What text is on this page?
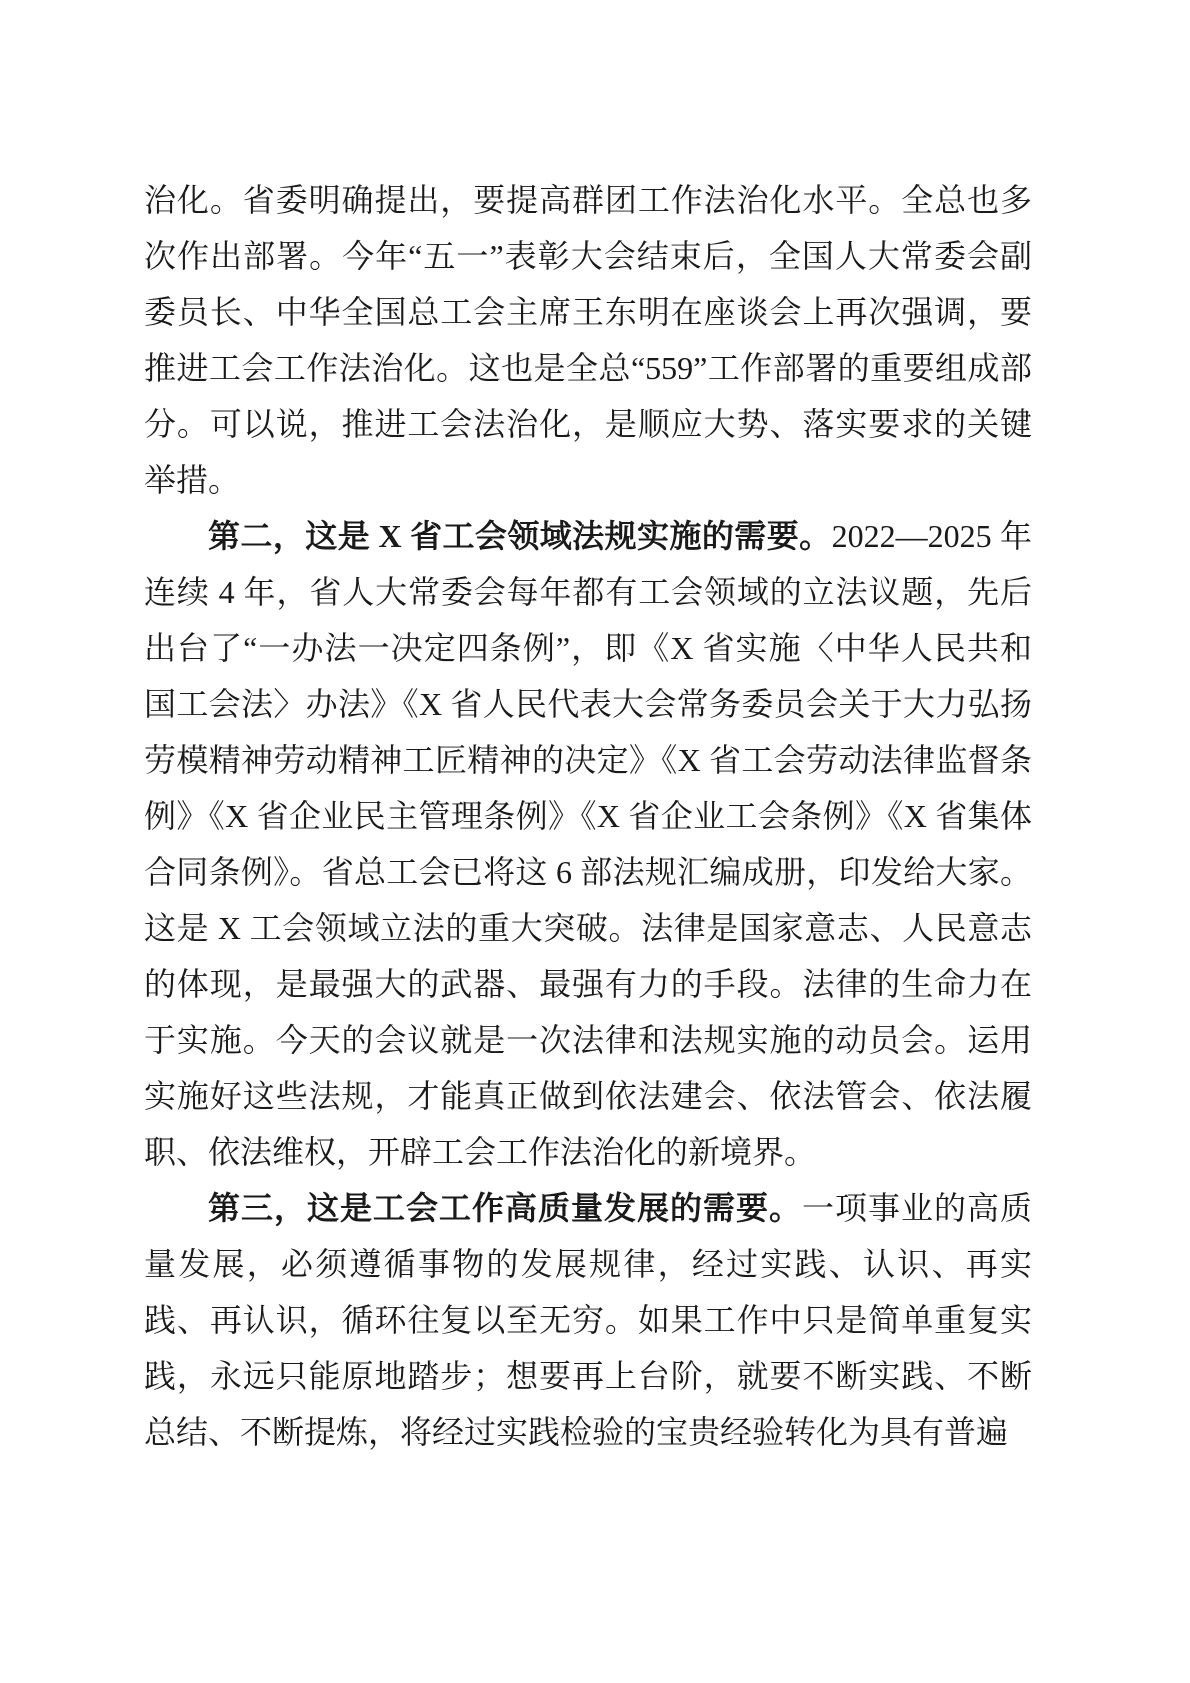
治化。省委明确提出，要提高群团工作法治化水平。全总也多次作出部署。今年“五一”表彰大会结束后，全国人大常委会副委员长、中华全国总工会主席王东明在座谈会上再次强调，要推进工会工作法治化。这也是全总“559”工作部署的重要组成部分。可以说，推进工会法治化，是顺应大势、落实要求的关键举措。

第二，这是 X 省工会领域法规实施的需要。2022—2025 年连续 4 年，省人大常委会每年都有工会领域的立法议题，先后出台了“一办法一决定四条例”，即《X 省实施〈中华人民共和国工会法〉办法》《X 省人民代表大会常务委员会关于大力弘扬劳模精神劳动精神工匠精神的决定》《X 省工会劳动法律监督条例》《X 省企业民主管理条例》《X 省企业工会条例》《X 省集体合同条例》。省总工会已将这 6 部法规汇编成册，印发给大家。这是 X 工会领域立法的重大突破。法律是国家意志、人民意志的体现，是最强大的武器、最强有力的手段。法律的生命力在于实施。今天的会议就是一次法律和法规实施的动员会。运用实施好这些法规，才能真正做到依法建会、依法管会、依法履职、依法维权，开辟工会工作法治化的新境界。

第三，这是工会工作高质量发展的需要。一项事业的高质量发展，必须遵循事物的发展规律，经过实践、认识、再实践、再认识，循环往复以至无穷。如果工作中只是简单重复实践，永远只能原地踏步；想要再上台阶，就要不断实践、不断总结、不断提炼，将经过实践检验的宝贵经验转化为具有普遍
